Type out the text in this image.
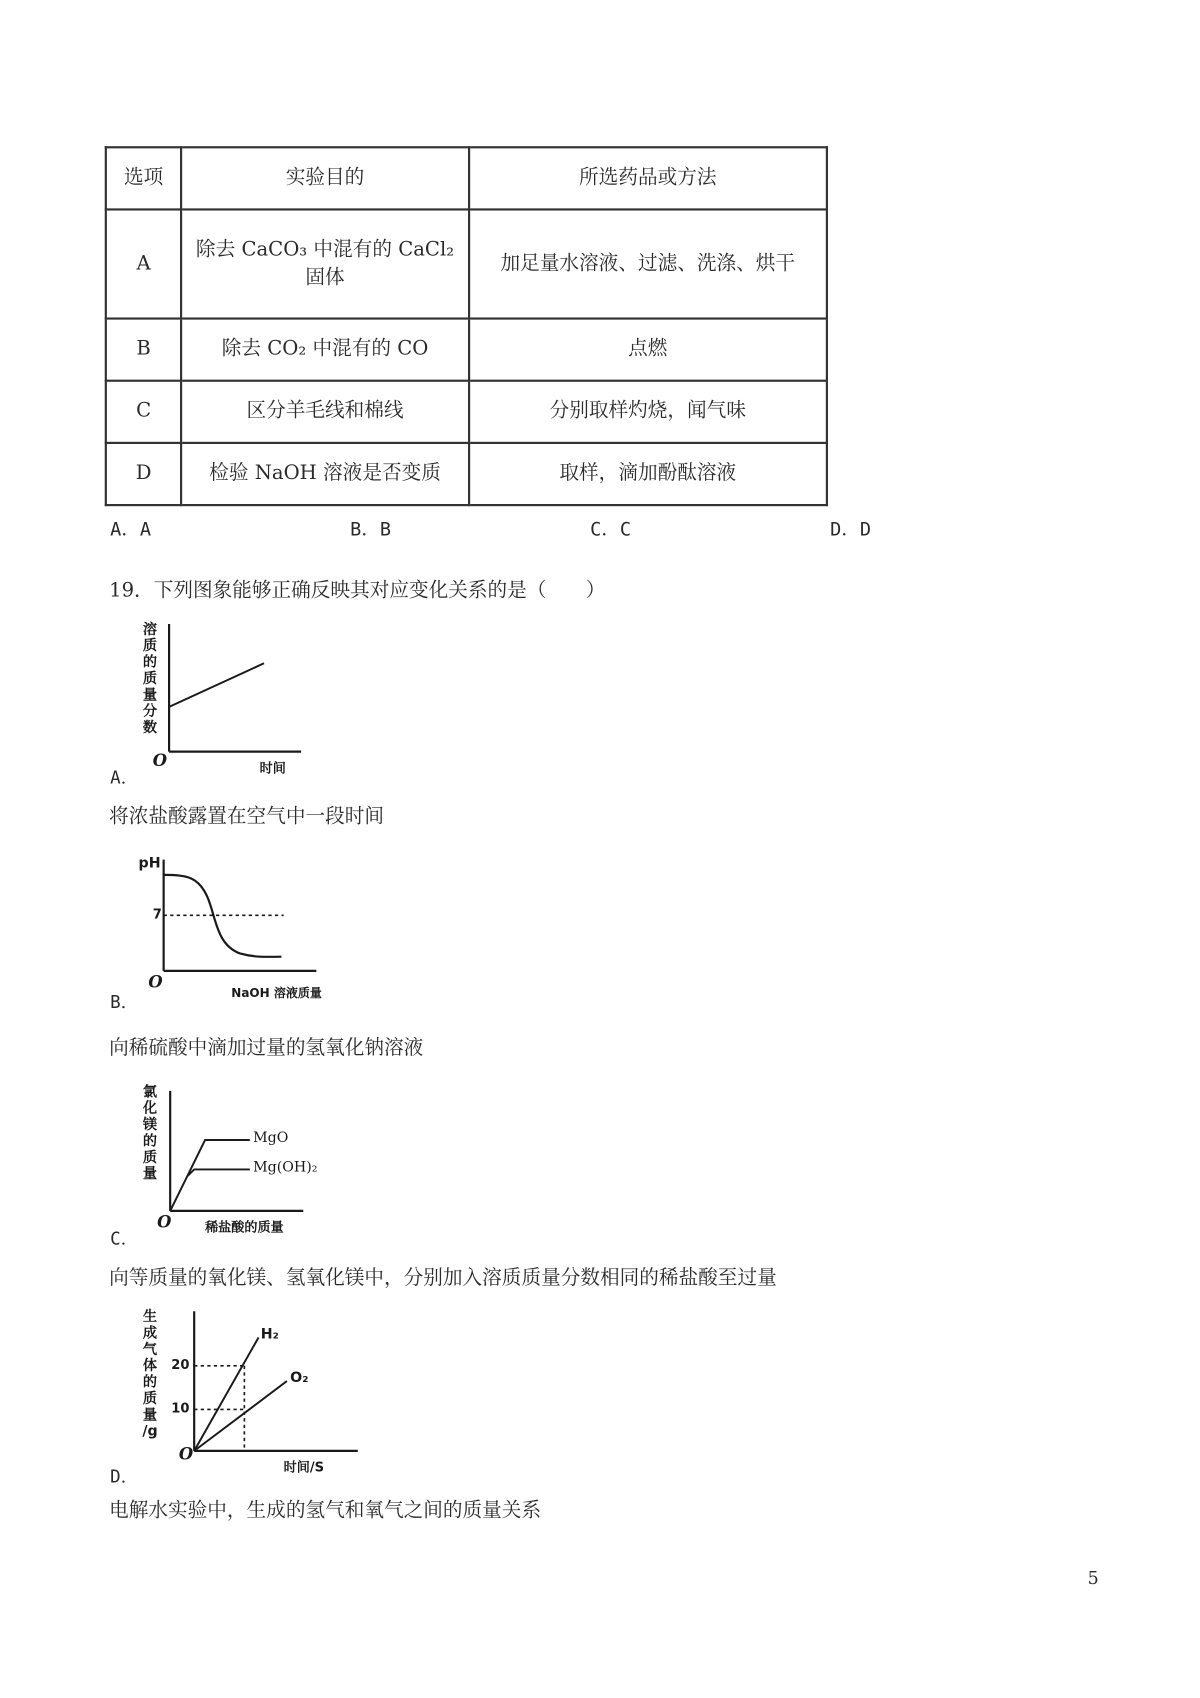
选项	实验目的	所选药品或方法
A	除去 CaCO₃ 中混有的 CaCl₂ 固体	加足量水溶液、过滤、洗涤、烘干
B	除去 CO₂ 中混有的 CO	点燃
C	区分羊毛线和棉线	分别取样灼烧，闻气味
D	检验 NaOH 溶液是否变质	取样，滴加酚酞溶液
A．A	B．B	C．C	D．D
19．下列图象能够正确反映其对应变化关系的是（　　）
溶
质
的
质
量
分
数
O	时间
A．
将浓盐酸露置在空气中一段时间
pH
7
O
NaOH 溶液质量
B．
向稀硫酸中滴加过量的氢氧化钠溶液
氯
化
镁
的
质
量
MgO
Mg(OH)₂
O	稀盐酸的质量
C．
向等质量的氧化镁、氢氧化镁中，分别加入溶质质量分数相同的稀盐酸至过量
生
成
气
体
的
质
量
/g
20
10
H₂
O₂
O
时间/S
D．
电解水实验中，生成的氢气和氧气之间的质量关系
5
